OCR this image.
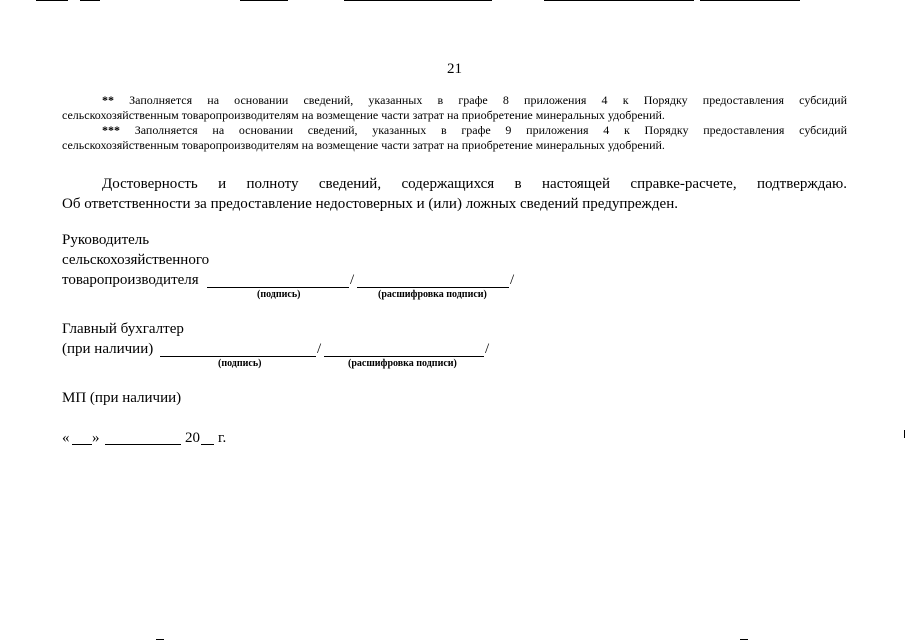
21
** Заполняется на основании сведений, указанных в графе 8 приложения 4 к Порядку предоставления субсидий
сельскохозяйственным товаропроизводителям на возмещение части затрат на приобретение минеральных удобрений.
*** Заполняется на основании сведений, указанных в графе 9 приложения 4 к Порядку предоставления субсидий
сельскохозяйственным товаропроизводителям на возмещение части затрат на приобретение минеральных удобрений.
Достоверность и полноту сведений, содержащихся в настоящей справке-расчете, подтверждаю.
Об ответственности за предоставление недостоверных и (или) ложных сведений предупрежден.
Руководитель
сельскохозяйственного
товаропроизводителя	/	/
(подпись)	(расшифровка подписи)
Главный бухгалтер
(при наличии)	/	/
(подпись)	(расшифровка подписи)
МП (при наличии)
« »	20 г.
